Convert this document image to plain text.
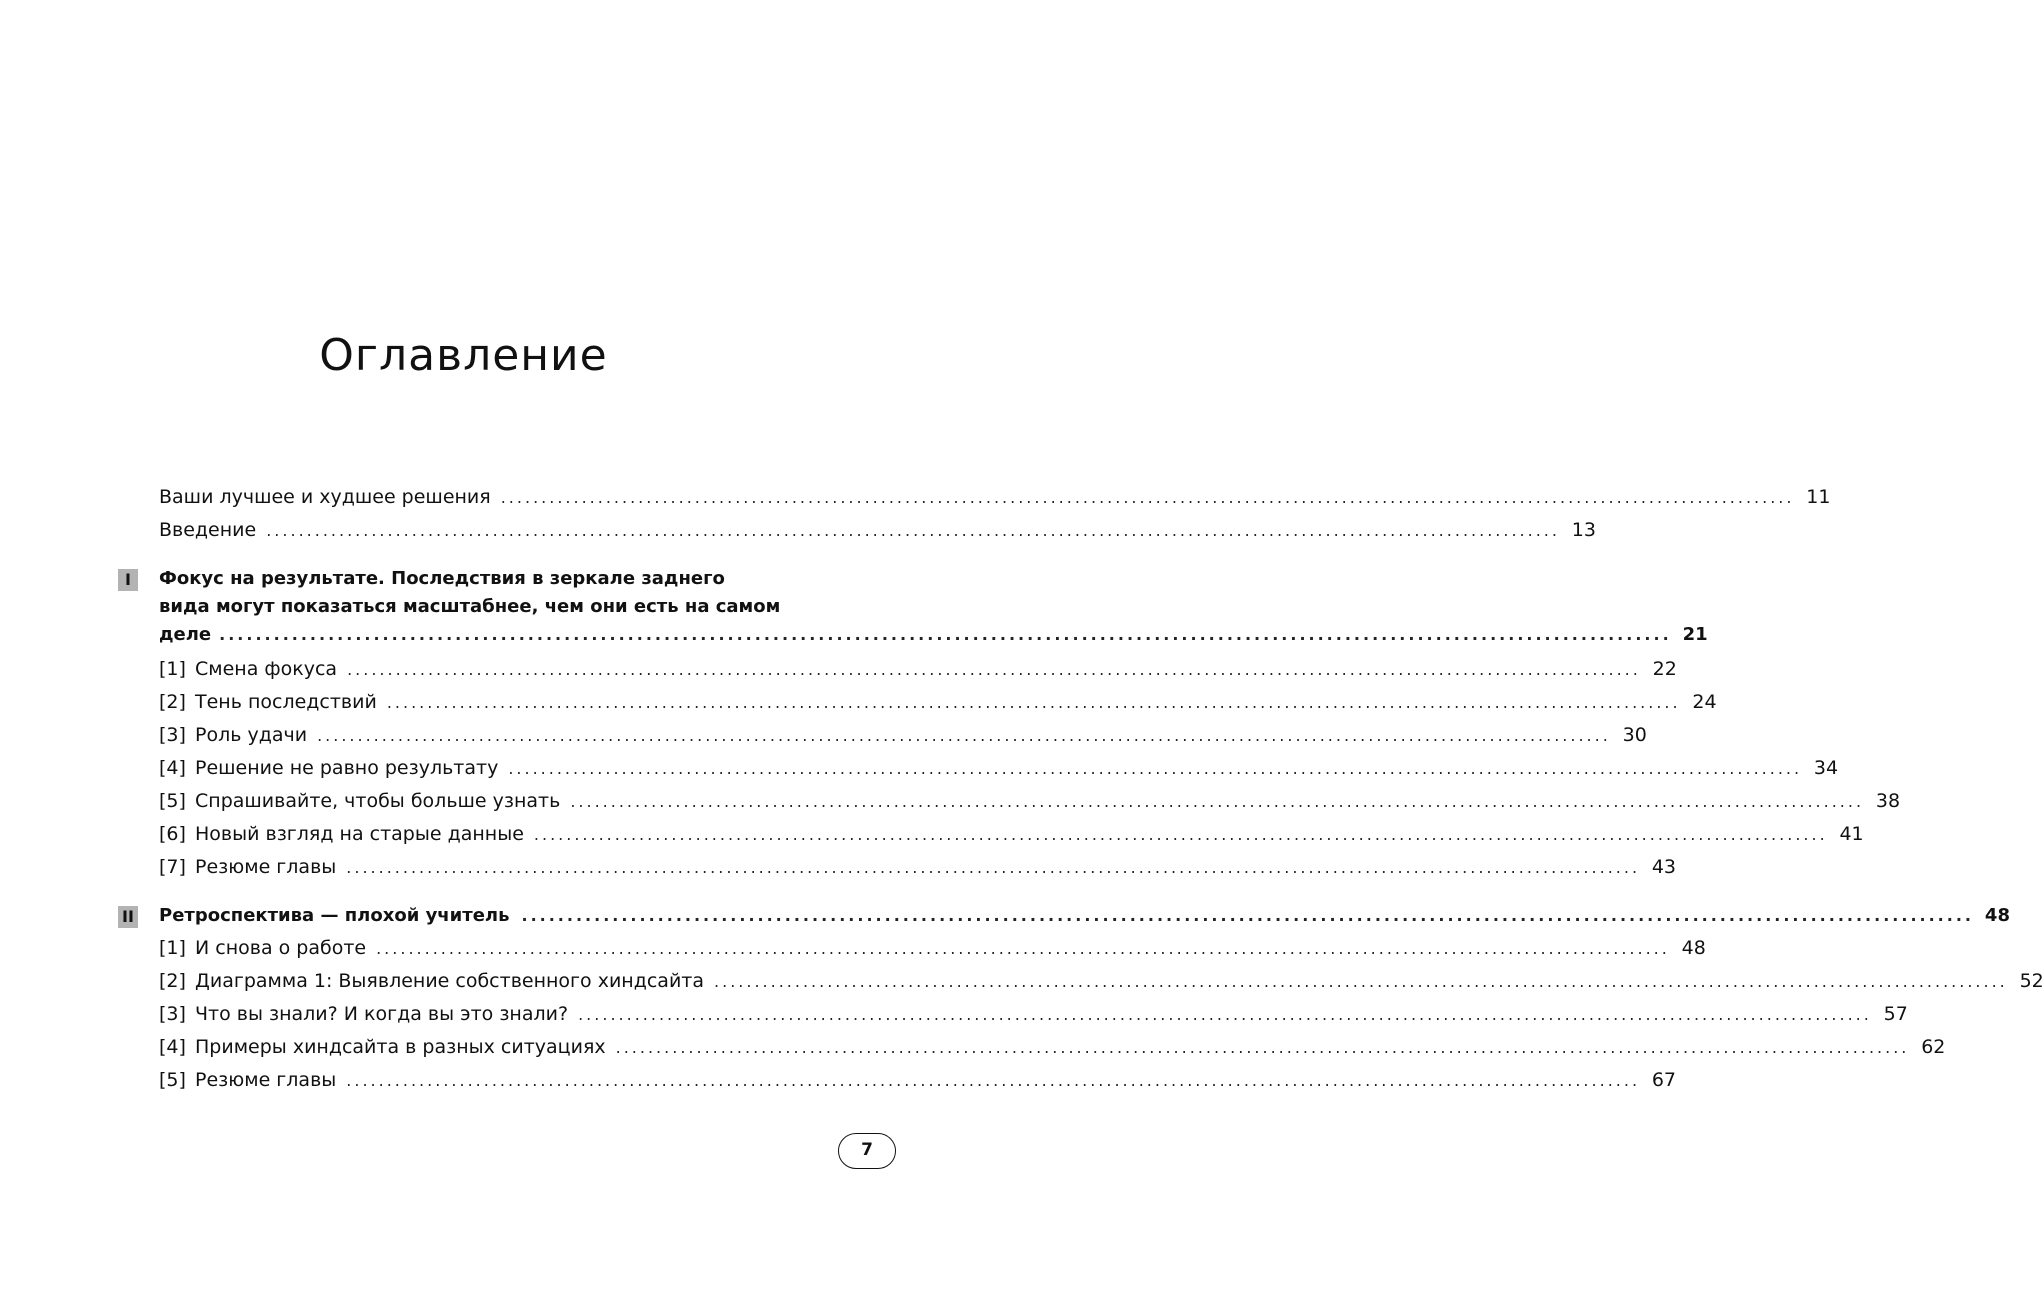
Оглавление
Ваши лучшее и худшее решения .....	11
Введение .....	13
I	Фокус на результате. Последствия в зеркале заднего
вида могут показаться масштабнее, чем они есть на самом
деле .....	21
[1] Смена фокуса .....	22
[2] Тень последствий .....	24
[3] Роль удачи .....	30
[4] Решение не равно результату .....	34
[5] Спрашивайте, чтобы больше узнать .....	38
[6] Новый взгляд на старые данные .....	41
[7] Резюме главы .....	43
II Ретроспектива — плохой учитель .....	48
[1] И снова о работе .....	48
[2] Диаграмма 1: Выявление собственного хиндсайта .....	52
[3] Что вы знали? И когда вы это знали? .....	57
[4] Примеры хиндсайта в разных ситуациях .....	62
[5] Резюме главы .....	67
7
